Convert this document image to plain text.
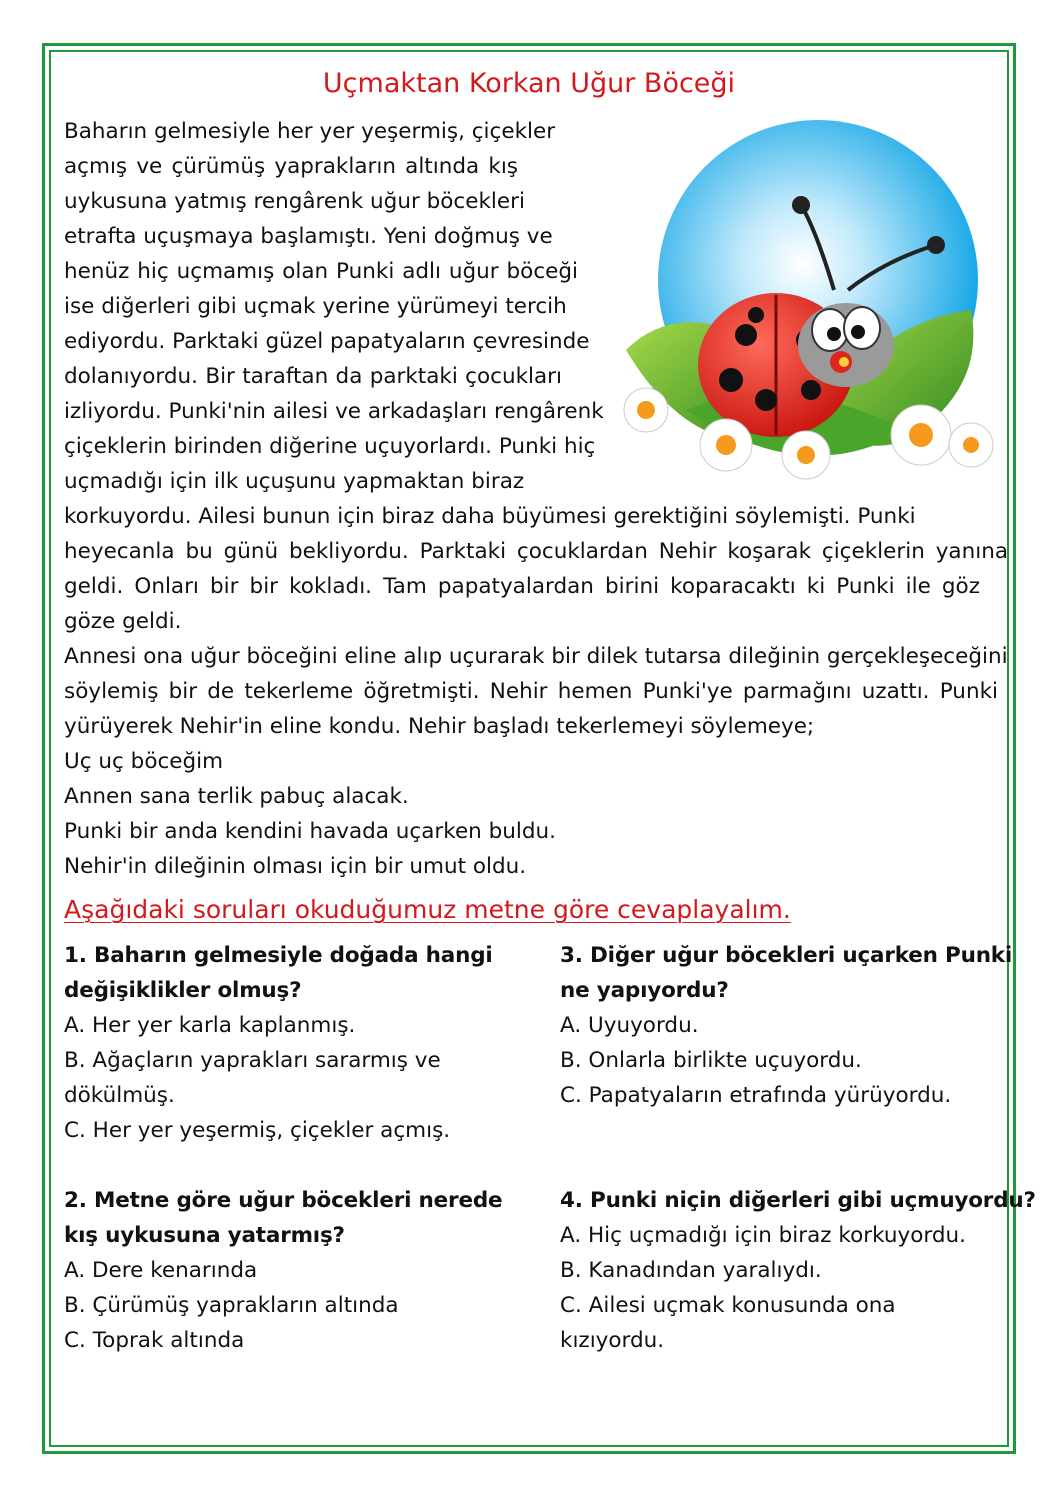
Uçmaktan Korkan Uğur Böceği
Baharın gelmesiyle her yer yeşermiş, çiçekler
açmış ve çürümüş yaprakların altında kış
uykusuna yatmış rengârenk uğur böcekleri
etrafta uçuşmaya başlamıştı. Yeni doğmuş ve
henüz hiç uçmamış olan Punki adlı uğur böceği
ise diğerleri gibi uçmak yerine yürümeyi tercih
ediyordu. Parktaki güzel papatyaların çevresinde
dolanıyordu. Bir taraftan da parktaki çocukları
izliyordu. Punki'nin ailesi ve arkadaşları rengârenk
çiçeklerin birinden diğerine uçuyorlardı. Punki hiç
uçmadığı için ilk uçuşunu yapmaktan biraz
korkuyordu. Ailesi bunun için biraz daha büyümesi gerektiğini söylemişti. Punki
heyecanla bu günü bekliyordu. Parktaki çocuklardan Nehir koşarak çiçeklerin yanına
geldi. Onları bir bir kokladı. Tam papatyalardan birini koparacaktı ki Punki ile göz
göze geldi.
Annesi ona uğur böceğini eline alıp uçurarak bir dilek tutarsa dileğinin gerçekleşeceğini
söylemiş bir de tekerleme öğretmişti. Nehir hemen Punki'ye parmağını uzattı. Punki
yürüyerek Nehir'in eline kondu. Nehir başladı tekerlemeyi söylemeye;
Uç uç böceğim
Annen sana terlik pabuç alacak.
Punki bir anda kendini havada uçarken buldu.
Nehir'in dileğinin olması için bir umut oldu.
Aşağıdaki soruları okuduğumuz metne göre cevaplayalım.
1. Baharın gelmesiyle doğada hangi
değişiklikler olmuş?
A. Her yer karla kaplanmış.
B. Ağaçların yaprakları sararmış ve
dökülmüş.
C. Her yer yeşermiş, çiçekler açmış.
2. Metne göre uğur böcekleri nerede
kış uykusuna yatarmış?
A. Dere kenarında
B. Çürümüş yaprakların altında
C. Toprak altında
3. Diğer uğur böcekleri uçarken Punki
ne yapıyordu?
A. Uyuyordu.
B. Onlarla birlikte uçuyordu.
C. Papatyaların etrafında yürüyordu.
4. Punki niçin diğerleri gibi uçmuyordu?
A. Hiç uçmadığı için biraz korkuyordu.
B. Kanadından yaralıydı.
C. Ailesi uçmak konusunda ona
kızıyordu.
